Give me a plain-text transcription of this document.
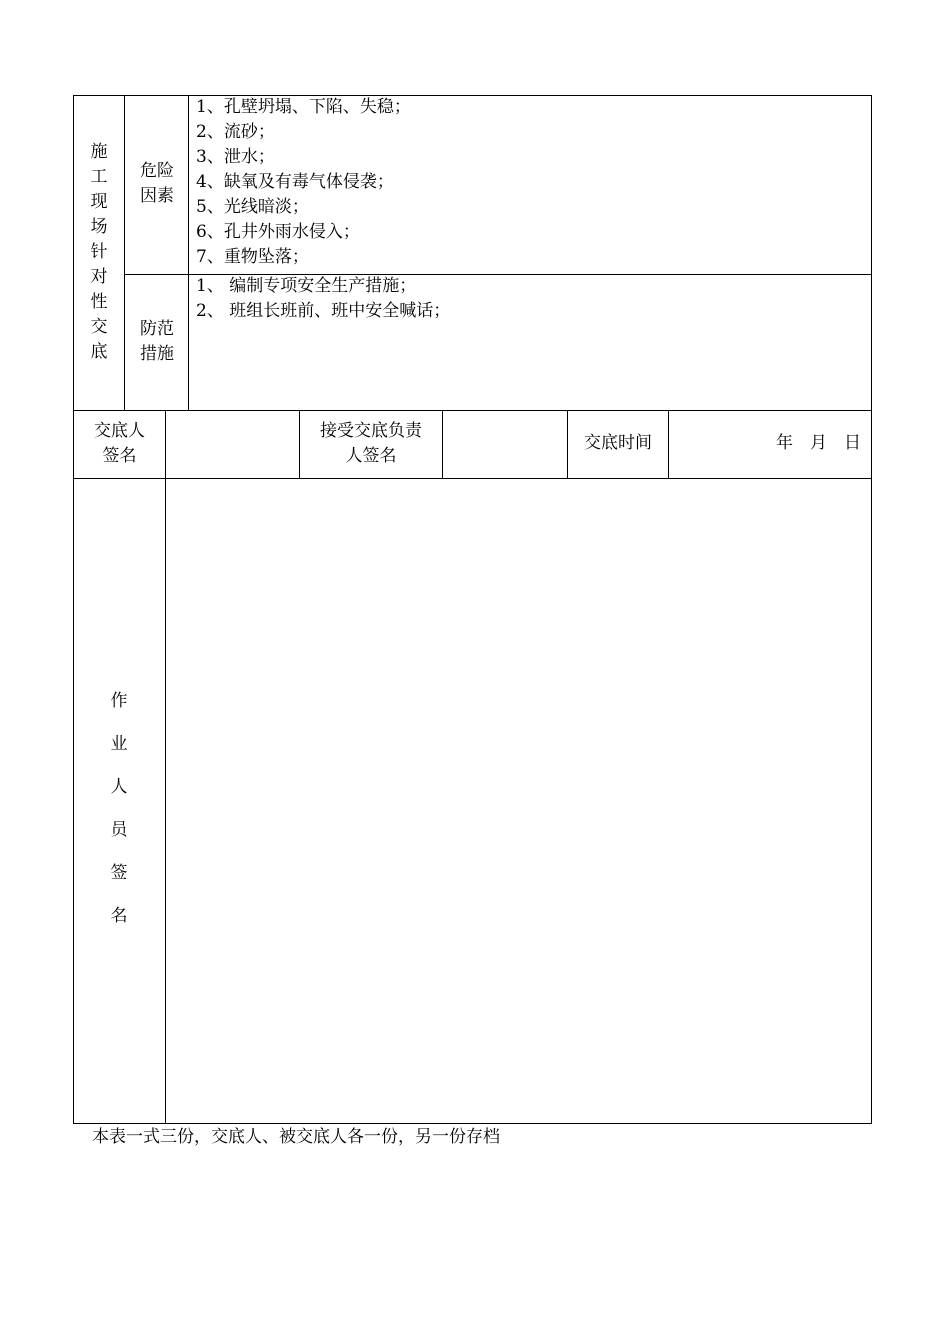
施
工
现
场
针
对
性
交
底
危险
因素
1、孔壁坍塌、下陷、失稳；
2、流砂；
3、泄水；
4、缺氧及有毒气体侵袭；
5、光线暗淡；
6、孔井外雨水侵入；
7、重物坠落；
防范
措施
1、 编制专项安全生产措施；
2、 班组长班前、班中安全喊话；
交底人
签名
接受交底负责
人签名
交底时间	年　月　日
作
业
人
员
签
名
本表一式三份，交底人、被交底人各一份，另一份存档
